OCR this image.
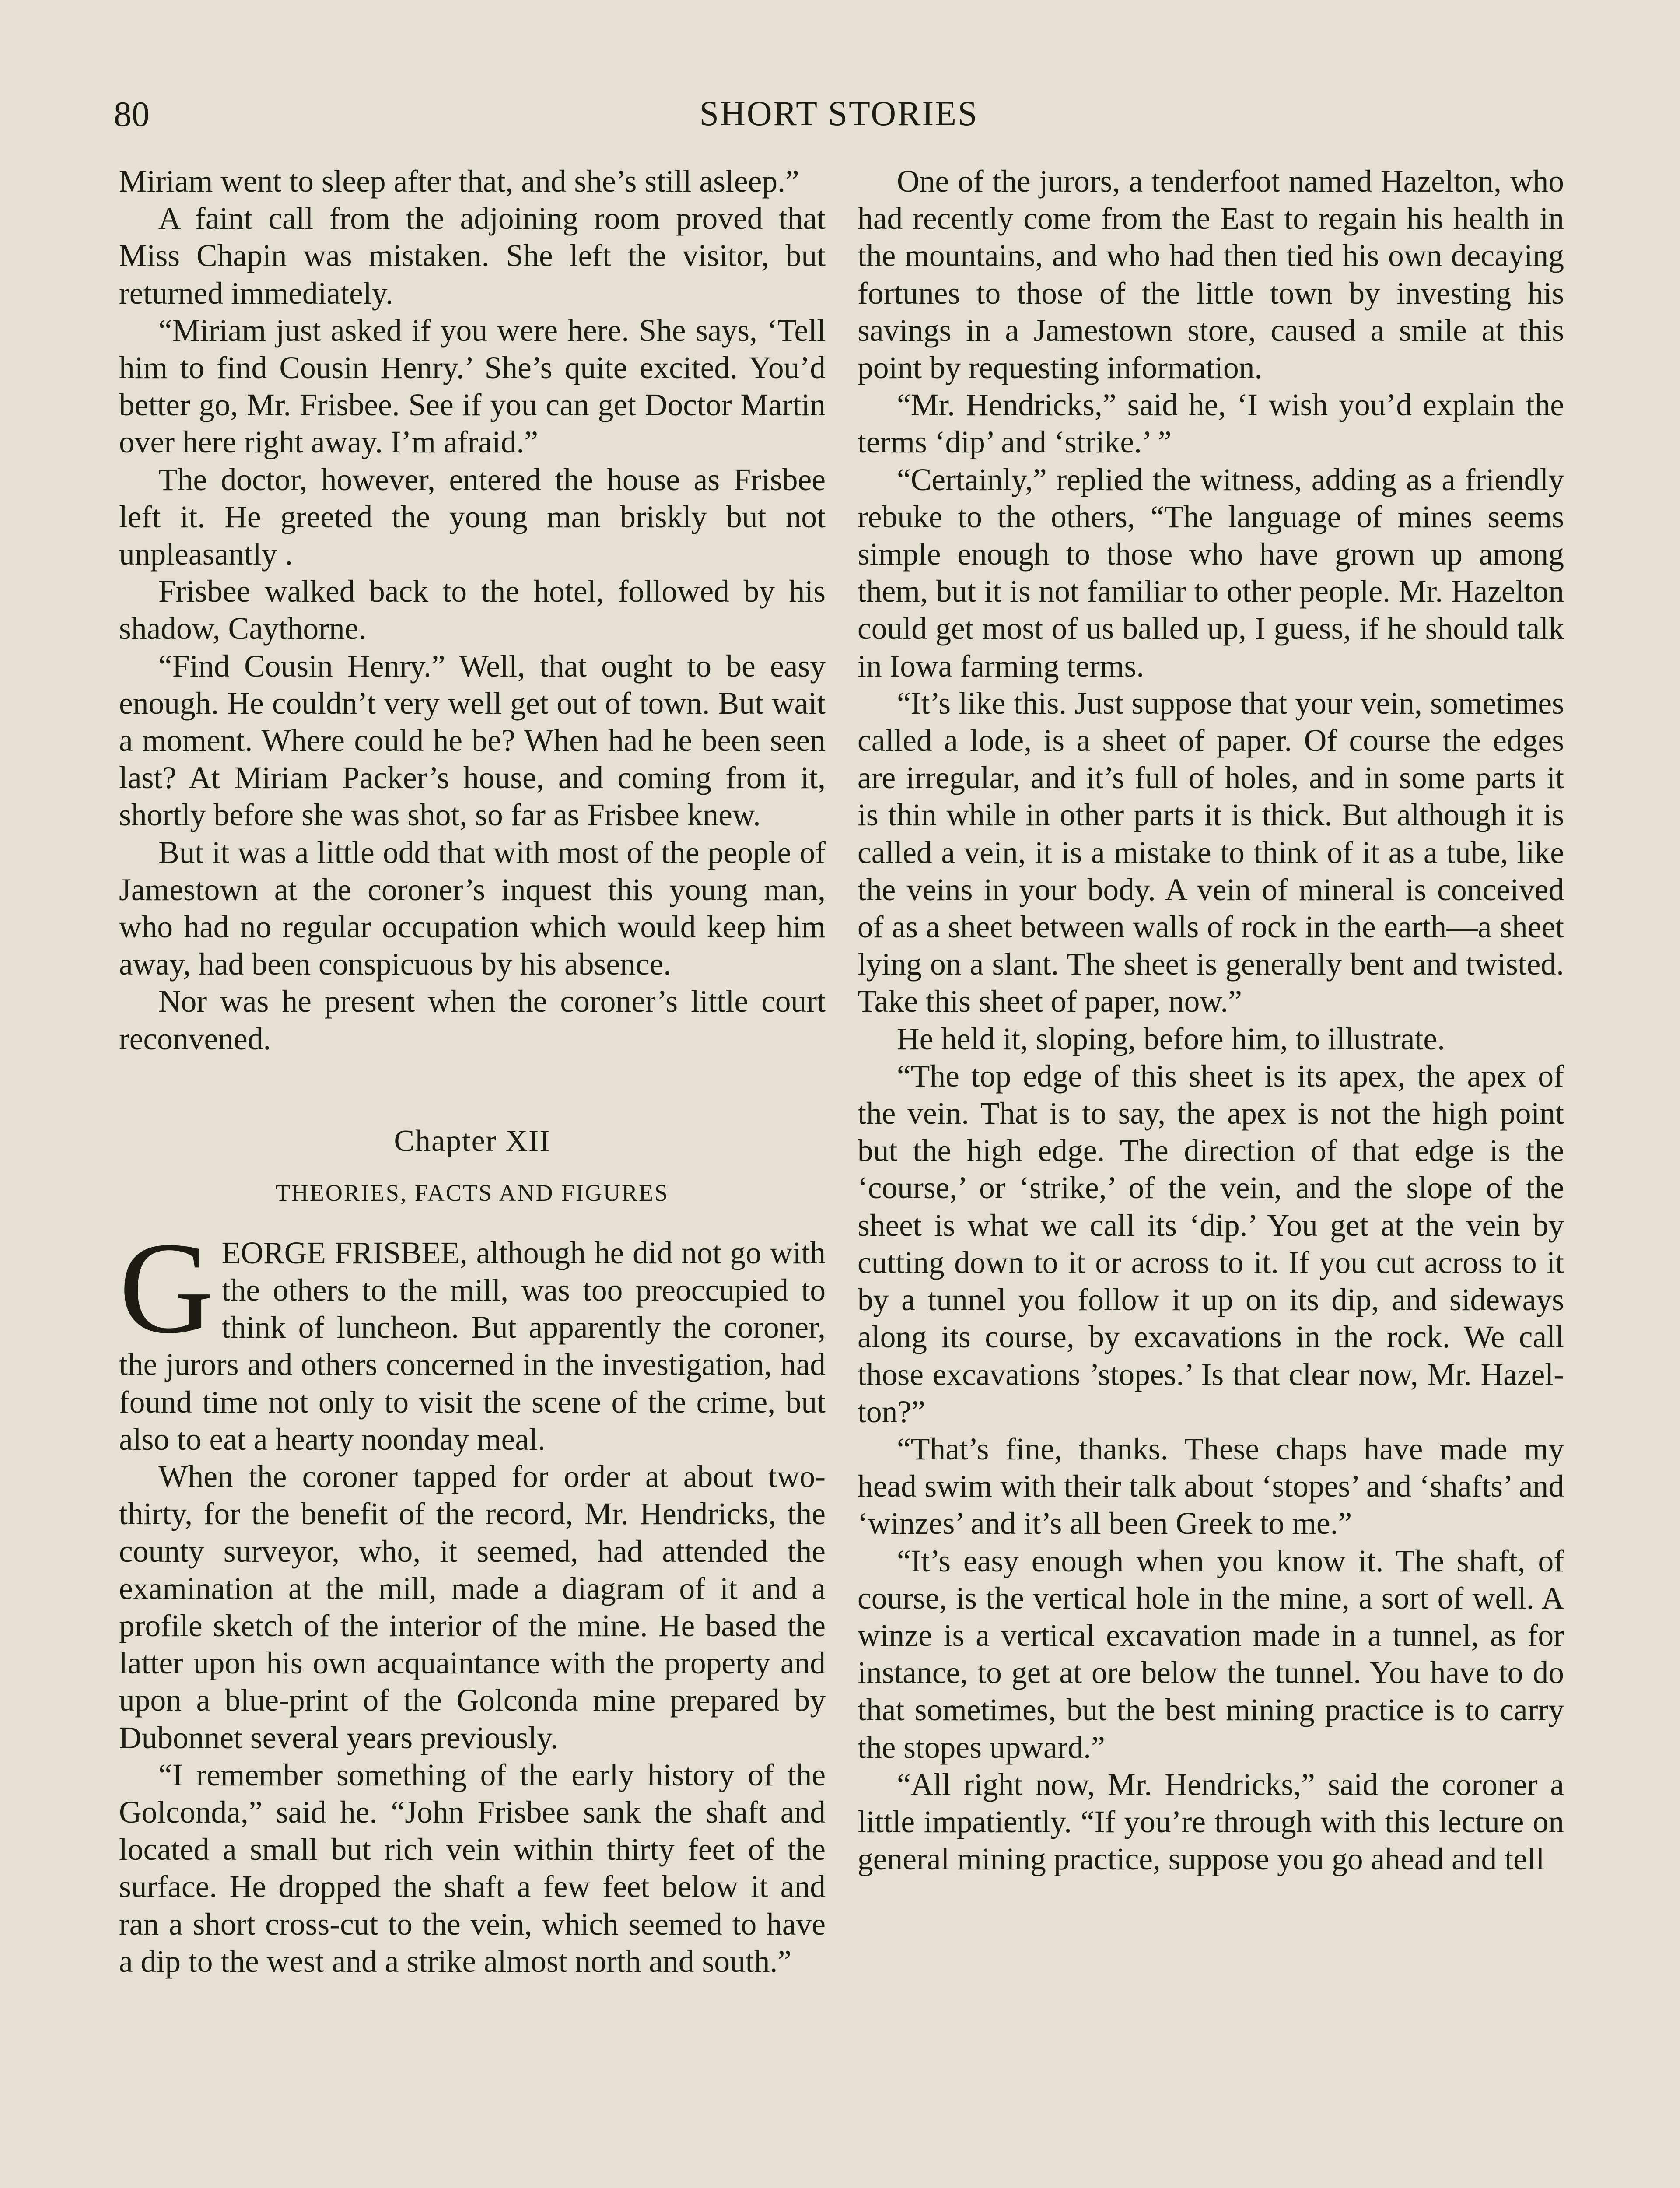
80	SHORT STORIES

Miriam went to sleep after that, and she’s still asleep.”

A faint call from the adjoining room proved that Miss Chapin was mistaken. She left the visitor, but returned immediately.

“Miriam just asked if you were here. She says, ‘Tell him to find Cousin Henry.’ She’s quite excited. You’d better go, Mr. Frisbee. See if you can get Doctor Martin over here right away. I’m afraid.”

The doctor, however, entered the house as Frisbee left it. He greeted the young man briskly but not unpleasantly .

Frisbee walked back to the hotel, followed by his shadow, Caythorne.

“Find Cousin Henry.” Well, that ought to be easy enough. He couldn’t very well get out of town. But wait a moment. Where could he be? When had he been seen last? At Miriam Packer’s house, and coming from it, shortly before she was shot, so far as Frisbee knew.

But it was a little odd that with most of the people of Jamestown at the coroner’s inquest this young man, who had no regular occupation which would keep him away, had been conspicuous by his absence.

Nor was he present when the coroner’s little court reconvened.

Chapter XII
THEORIES, FACTS AND FIGURES

GEORGE FRISBEE, although he did not go with the others to the mill, was too preoccupied to think of luncheon. But apparently the coroner, the jurors and others concerned in the investigation, had found time not only to visit the scene of the crime, but also to eat a hearty noonday meal.

When the coroner tapped for order at about two-thirty, for the benefit of the record, Mr. Hendricks, the county surveyor, who, it seemed, had attended the examination at the mill, made a diagram of it and a profile sketch of the interior of the mine. He based the latter upon his own acquaintance with the property and upon a blue-print of the Golconda mine prepared by Dubonnet several years previously.

“I remember something of the early history of the Golconda,” said he. “John Frisbee sank the shaft and located a small but rich vein within thirty feet of the surface. He dropped the shaft a few feet below it and ran a short cross-cut to the vein, which seemed to have a dip to the west and a strike almost north and south.”

One of the jurors, a tenderfoot named Hazelton, who had recently come from the East to regain his health in the mountains, and who had then tied his own decaying fortunes to those of the little town by investing his savings in a Jamestown store, caused a smile at this point by requesting information.

“Mr. Hendricks,” said he, ‘I wish you’d explain the terms ‘dip’ and ‘strike.’ ”

“Certainly,” replied the witness, adding as a friendly rebuke to the others, “The language of mines seems simple enough to those who have grown up among them, but it is not familiar to other people. Mr. Hazelton could get most of us balled up, I guess, if he should talk in Iowa farming terms.

“It’s like this. Just suppose that your vein, sometimes called a lode, is a sheet of paper. Of course the edges are irregular, and it’s full of holes, and in some parts it is thin while in other parts it is thick. But although it is called a vein, it is a mistake to think of it as a tube, like the veins in your body. A vein of mineral is conceived of as a sheet between walls of rock in the earth—a sheet lying on a slant. The sheet is generally bent and twisted. Take this sheet of paper, now.”

He held it, sloping, before him, to illustrate.

“The top edge of this sheet is its apex, the apex of the vein. That is to say, the apex is not the high point but the high edge. The direction of that edge is the ‘course,’ or ‘strike,’ of the vein, and the slope of the sheet is what we call its ‘dip.’ You get at the vein by cutting down to it or across to it. If you cut across to it by a tunnel you follow it up on its dip, and sideways along its course, by excavations in the rock. We call those excavations ’stopes.’ Is that clear now, Mr. Hazelton?”

“That’s fine, thanks. These chaps have made my head swim with their talk about ‘stopes’ and ‘shafts’ and ‘winzes’ and it’s all been Greek to me.”

“It’s easy enough when you know it. The shaft, of course, is the vertical hole in the mine, a sort of well. A winze is a vertical excavation made in a tunnel, as for instance, to get at ore below the tunnel. You have to do that sometimes, but the best mining practice is to carry the stopes upward.”

“All right now, Mr. Hendricks,” said the coroner a little impatiently. “If you’re through with this lecture on general mining practice, suppose you go ahead and tell
